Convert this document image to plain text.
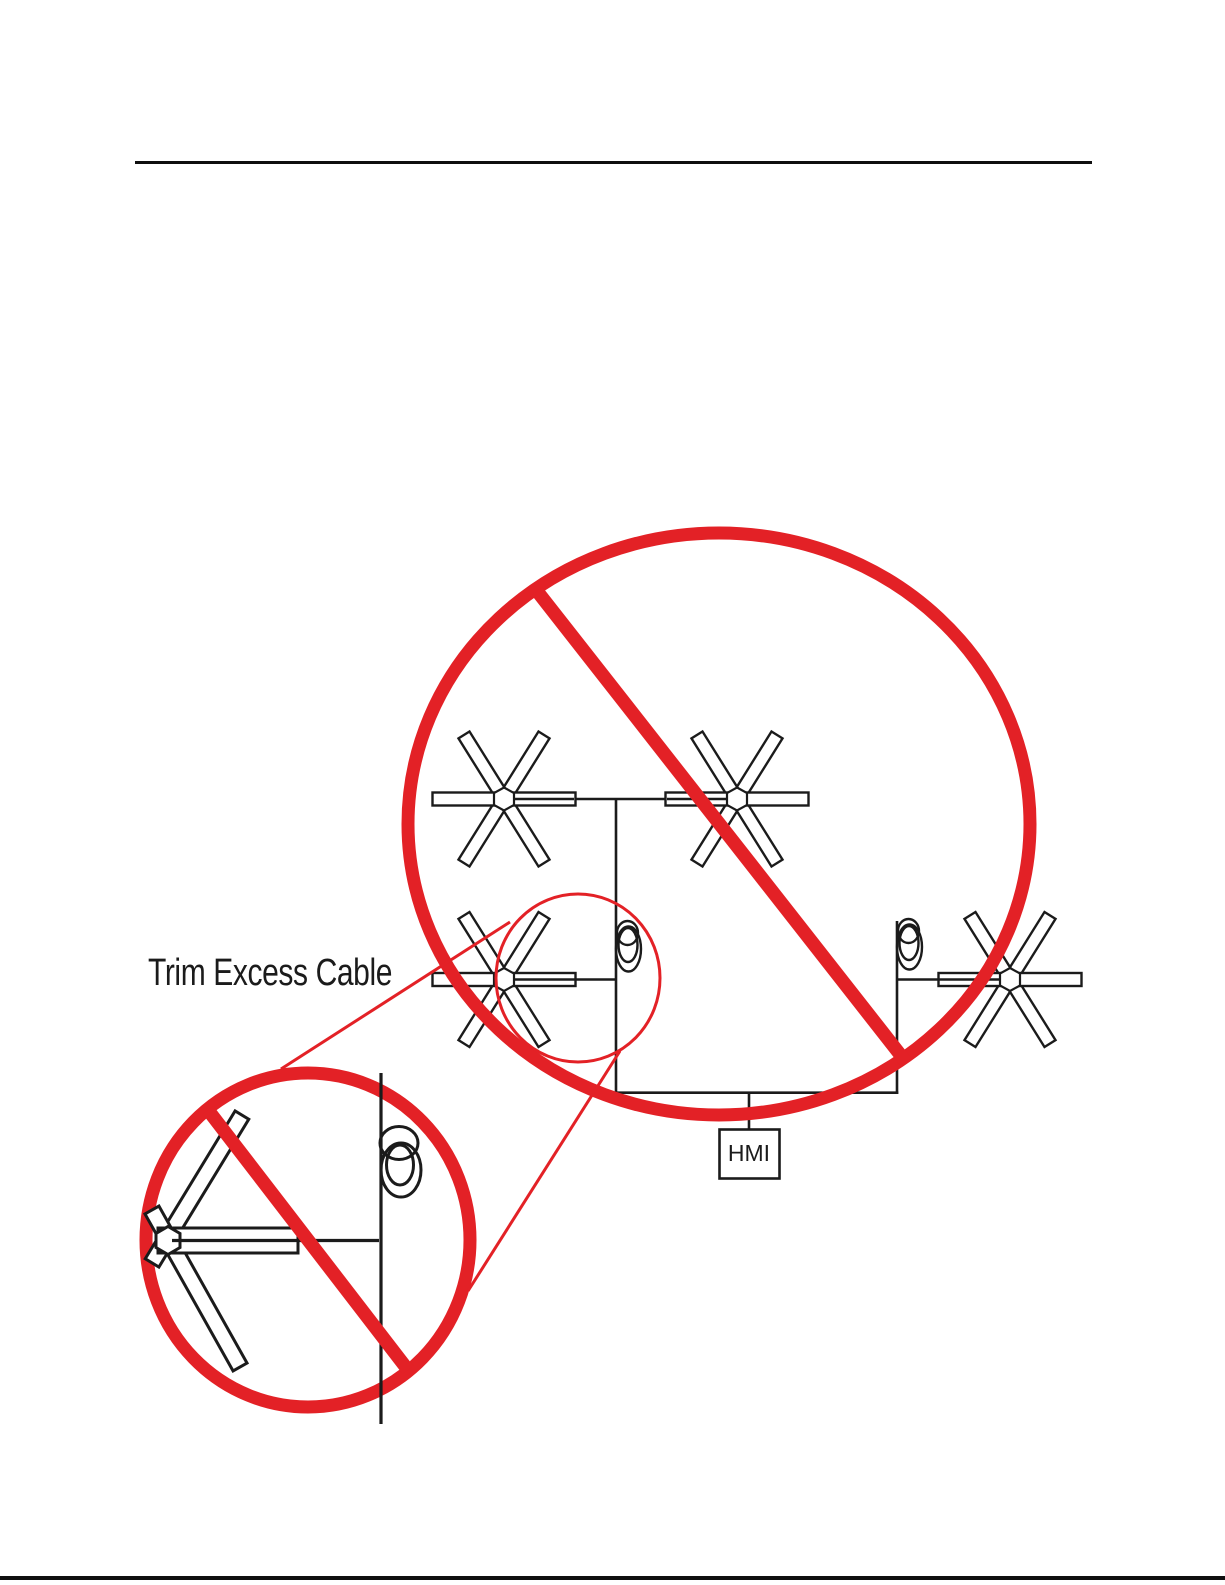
Trim Excess Cable
HMI
